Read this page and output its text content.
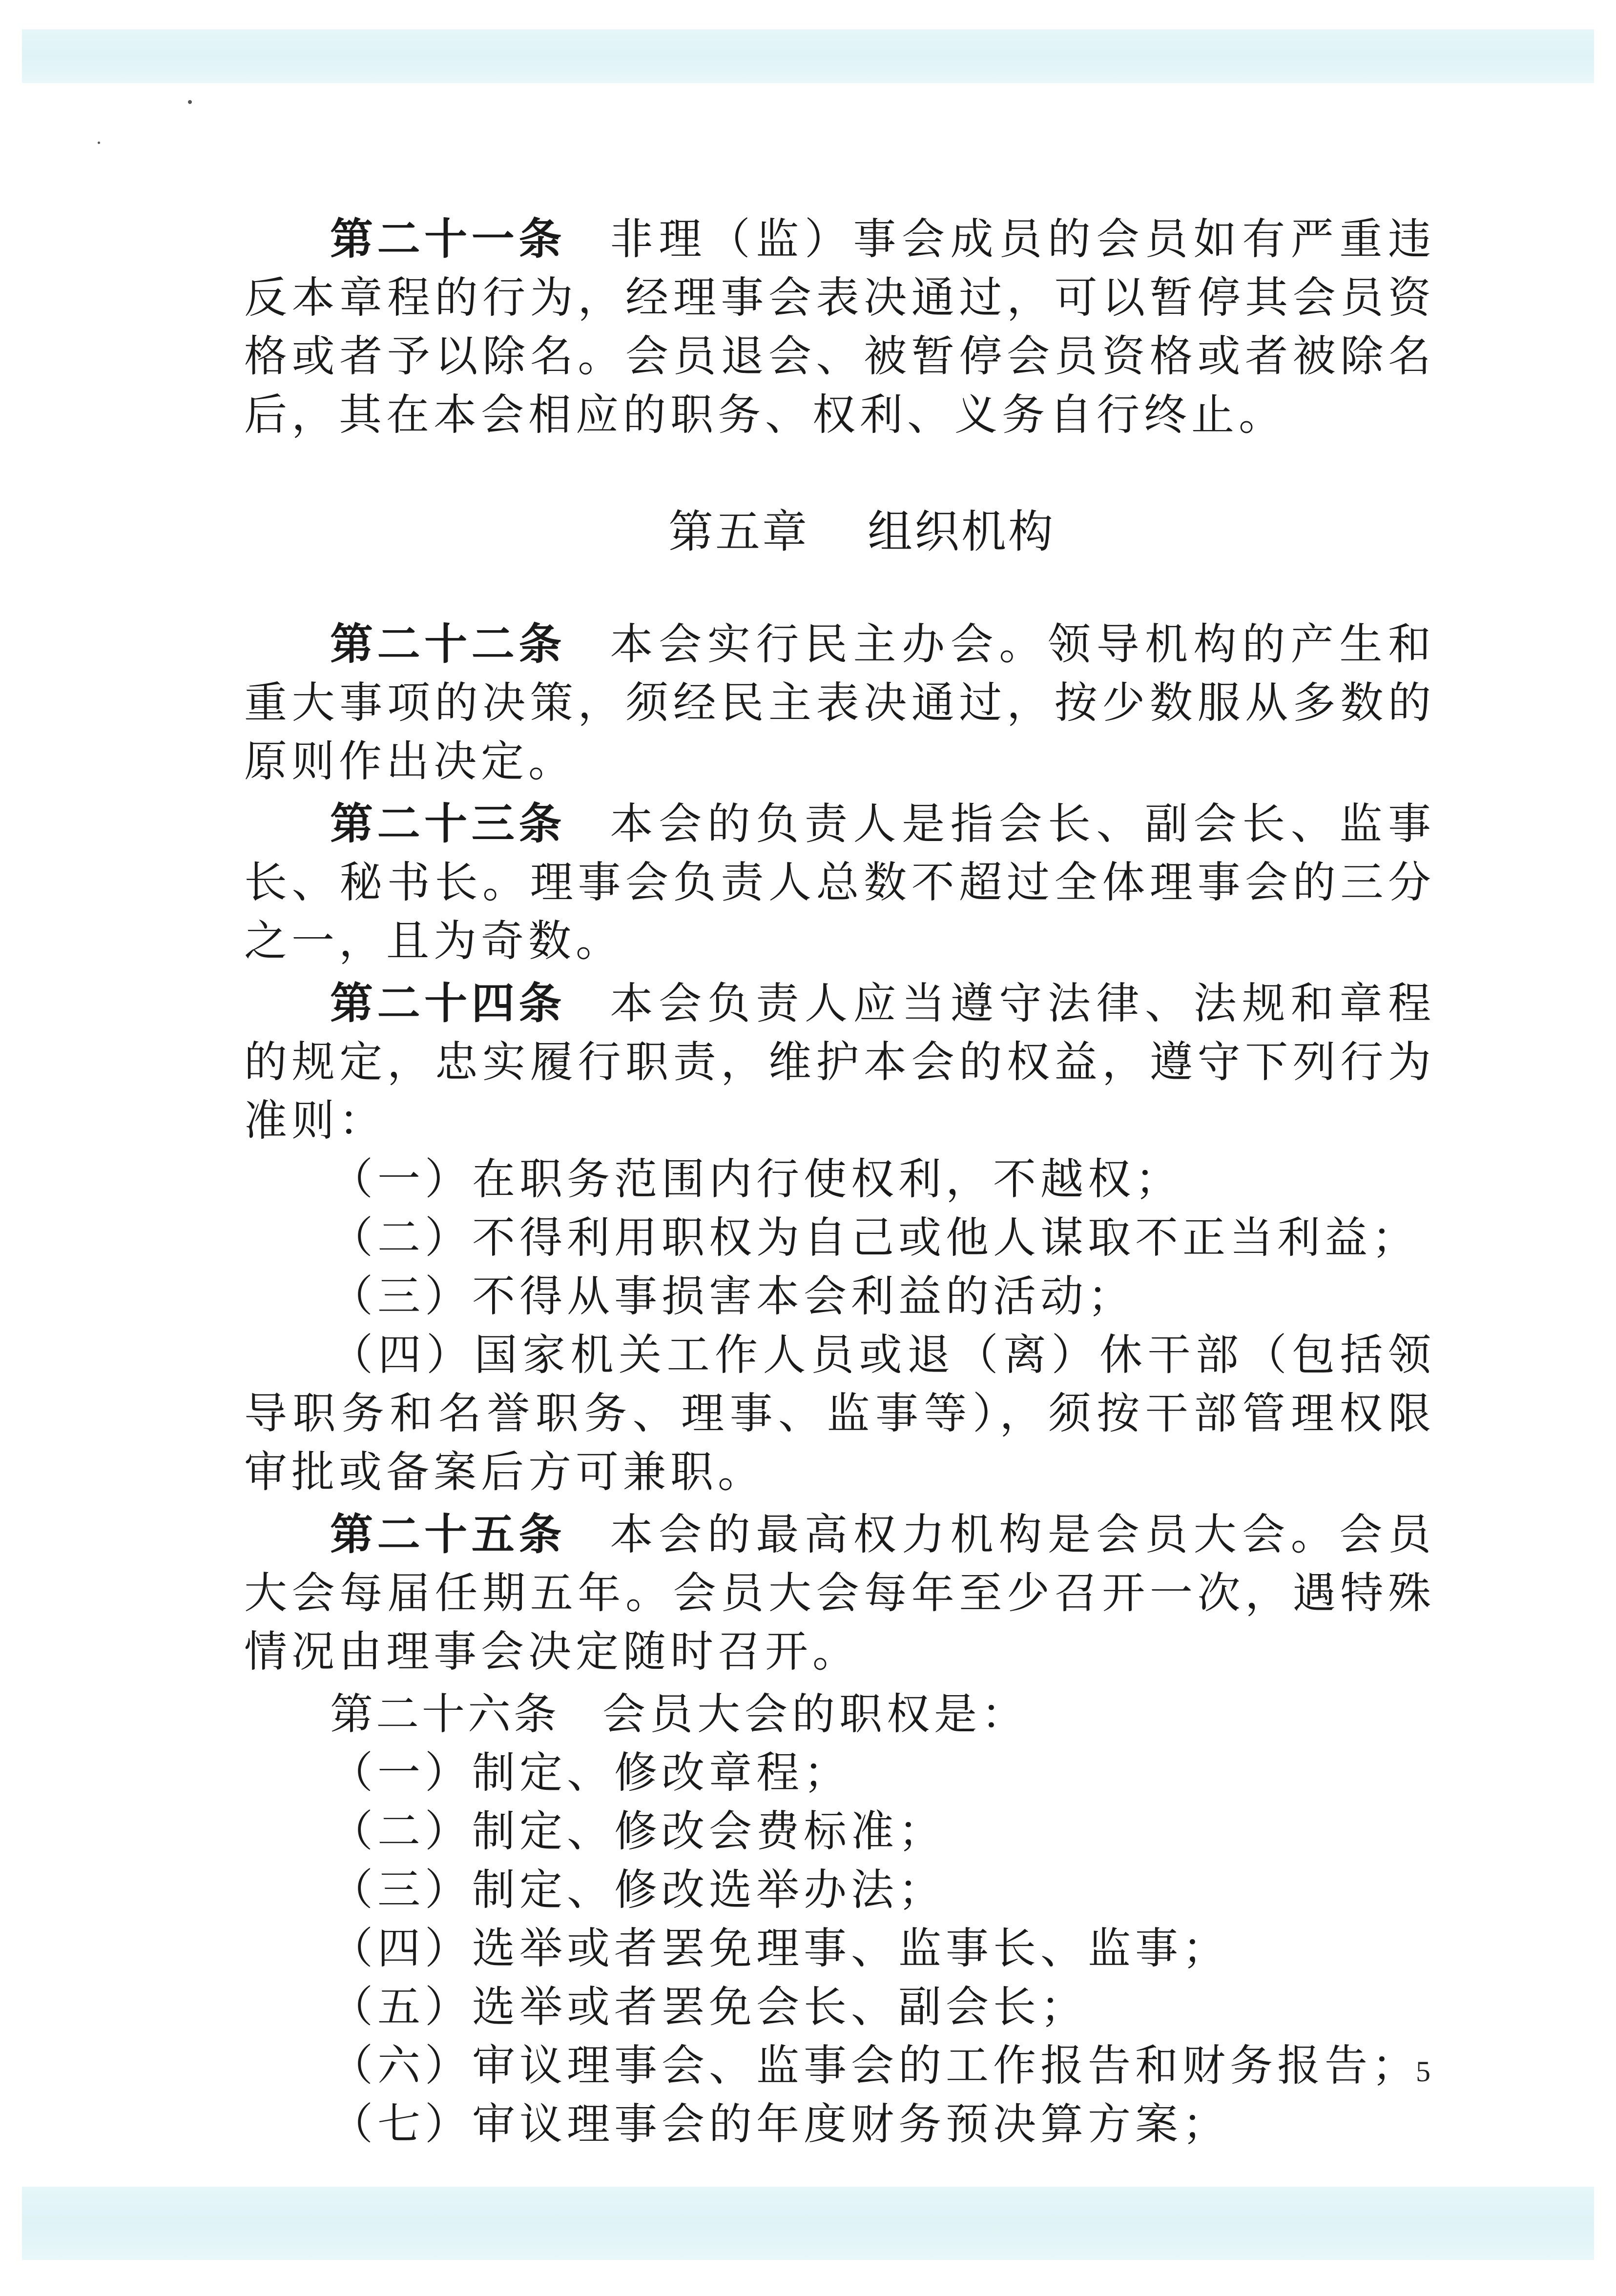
第二十一条 非理（监）事会成员的会员如有严重违反本章程的行为，经理事会表决通过，可以暂停其会员资格或者予以除名。会员退会、被暂停会员资格或者被除名后，其在本会相应的职务、权利、义务自行终止。

第五章 组织机构

第二十二条 本会实行民主办会。领导机构的产生和重大事项的决策，须经民主表决通过，按少数服从多数的原则作出决定。

第二十三条 本会的负责人是指会长、副会长、监事长、秘书长。理事会负责人总数不超过全体理事会的三分之一，且为奇数。

第二十四条 本会负责人应当遵守法律、法规和章程的规定，忠实履行职责，维护本会的权益，遵守下列行为准则：

（一）在职务范围内行使权利，不越权；

（二）不得利用职权为自己或他人谋取不正当利益；

（三）不得从事损害本会利益的活动；

（四）国家机关工作人员或退（离）休干部（包括领导职务和名誉职务、理事、监事等），须按干部管理权限审批或备案后方可兼职。

第二十五条 本会的最高权力机构是会员大会。会员大会每届任期五年。会员大会每年至少召开一次，遇特殊情况由理事会决定随时召开。

第二十六条 会员大会的职权是：

（一）制定、修改章程；

（二）制定、修改会费标准；

（三）制定、修改选举办法；

（四）选举或者罢免理事、监事长、监事；

（五）选举或者罢免会长、副会长；

（六）审议理事会、监事会的工作报告和财务报告；

（七）审议理事会的年度财务预决算方案；

5
